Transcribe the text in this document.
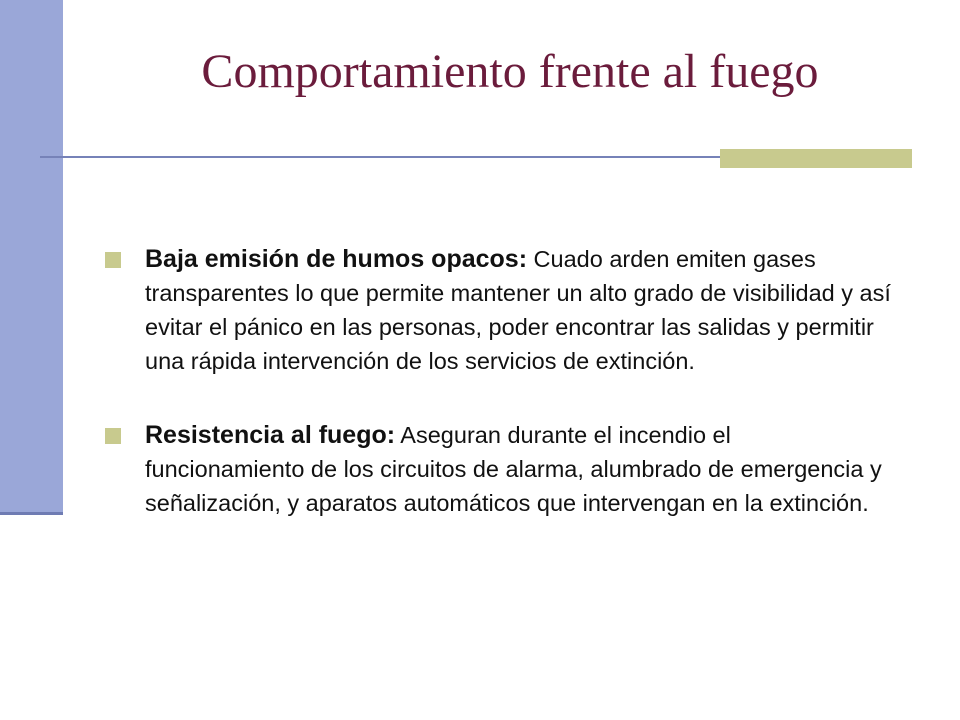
Comportamiento frente al fuego
Baja emisión de humos opacos: Cuado arden emiten gases transparentes lo que permite mantener un alto grado de visibilidad y así evitar el pánico en las personas, poder encontrar las salidas y permitir una rápida intervención de los servicios de extinción.
Resistencia al fuego: Aseguran durante el incendio el funcionamiento de los circuitos de alarma, alumbrado de emergencia y señalización, y aparatos automáticos que intervengan en la extinción.
